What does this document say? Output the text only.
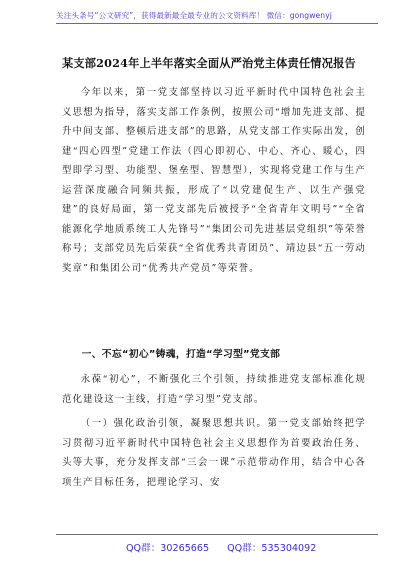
关注头条号“公文研究”，获得最新最全最专业的公文资料库！ 微信：gongwenyj
某支部2024年上半年落实全面从严治党主体责任情况报告
今年以来，第一党支部坚持以习近平新时代中国特色社会主义思想为指导，落实支部工作条例，按照公司“增加先进支部、提升中间支部、整顿后进支部”的思路，从党支部工作实际出发，创建“四心四型”党建工作法（四心即初心、中心、齐心、暖心，四型即学习型、功能型、堡垒型、智慧型），实现将党建工作与生产运营深度融合同频共振，形成了“以党建促生产、以生产强党建”的良好局面，第一党支部先后被授予“全省青年文明号”“全省能源化学地质系统工人先锋号”“集团公司先进基层党组织”等荣誉称号；支部党员先后荣获“全省优秀共青团员”、靖边县“五一劳动奖章”和集团公司“优秀共产党员”等荣誉。
一、不忘“初心”铸魂，打造“学习型”党支部
永葆“初心”，不断强化三个引领，持续推进党支部标准化规范化建设这一主线，打造“学习型”党支部。
（一）强化政治引领，凝聚思想共识。第一党支部始终把学习贯彻习近平新时代中国特色社会主义思想作为首要政治任务、头等大事，充分发挥支部“三会一课”示范带动作用，结合中心各项生产目标任务，把理论学习、安
QQ群：30265665 QQ群：535304092
